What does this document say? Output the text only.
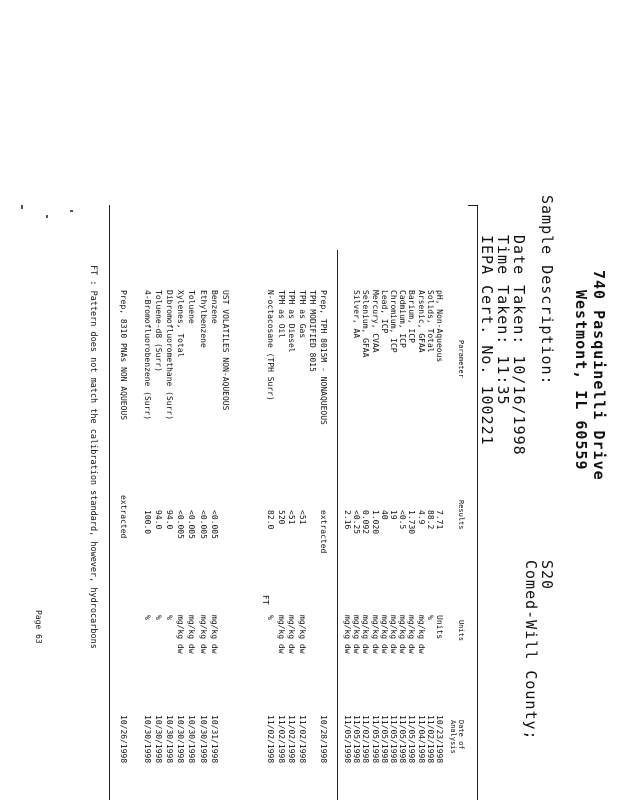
740 Pasquinelli Drive
Westmont, IL 60559
Sample Description:
S20
Comed-Will County;
Date Taken: 10/16/1998
Time Taken: 11:35
IEPA Cert. No. 100221
Parameter
Results
Units
Date of
Analysis
pH, Non-Aqueous
7.71
Units
10/23/1998
Solids, Total
88.2
%
11/02/1998
Arsenic, GFAA
4.9
mg/kg dw
11/04/1998
Barium, ICP
1.730
mg/kg dw
11/05/1998
Cadmium, ICP
<0.5
mg/kg dw
11/05/1998
Chromium, ICP
19
mg/kg dw
11/05/1998
Lead, ICP
40
mg/kg dw
11/05/1998
Mercury, CVAA
1.020
mg/kg dw
11/05/1998
Selenium, GFAA
0.092
mg/kg dw
11/02/1998
Silver, AA
<0.25
mg/kg dw
11/05/1998
2.16
mg/kg dw
11/05/1998
Prep, TPH 8015M - NONAQUEOUS
extracted
10/28/1998
TPH MODIFIED 8015
TPH as Gas
<51
mg/kg dw
11/02/1998
TPH as Diesel
<51
mg/kg dw
11/02/1998
TPH as Oil
520
mg/kg dw
11/02/1998
N-octacosane (TPH Surr)
82.0
%
11/02/1998
FT
UST VOLATILES NON-AQUEOUS
Benzene
<0.005
mg/kg dw
10/31/1998
Ethylbenzene
<0.005
mg/kg dw
10/30/1998
Toluene
<0.005
mg/kg dw
10/30/1998
Xylenes, Total
<0.005
mg/kg dw
10/30/1998
Dibromofluoromethane (Surr)
94.0
%
10/30/1998
Toluene-d8 (Surr)
94.0
%
10/30/1998
4-Bromofluorobenzene (Surr)
100.0
%
10/30/1998
Prep, 8310 PNAs NON AQUEOUS
extracted
10/26/1998
FT : Pattern does not match the calibration standard, however, hydrocarbons
Page 63
